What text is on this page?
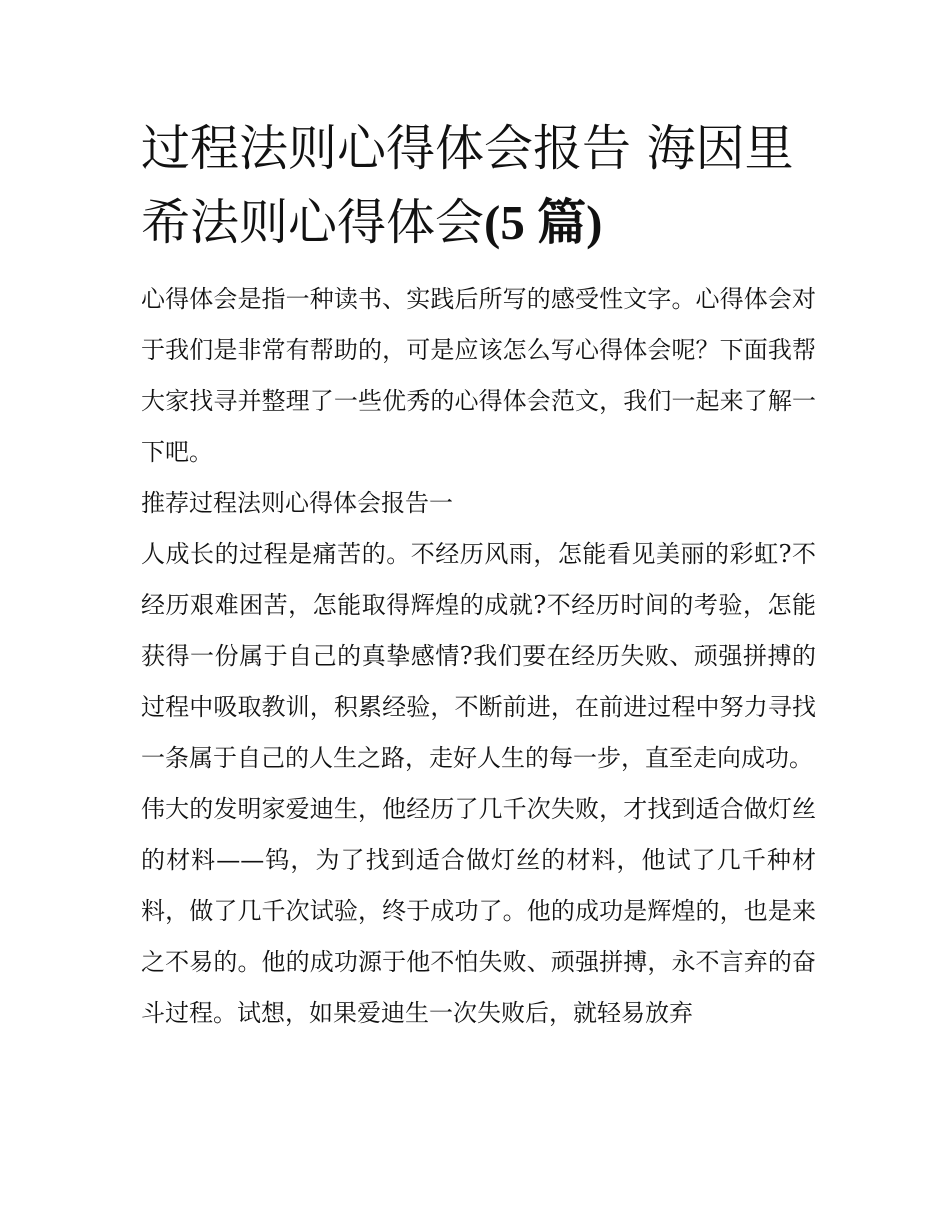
过程法则心得体会报告 海因里希法则心得体会(5 篇)

心得体会是指一种读书、实践后所写的感受性文字。心得体会对于我们是非常有帮助的，可是应该怎么写心得体会呢？下面我帮大家找寻并整理了一些优秀的心得体会范文，我们一起来了解一下吧。

推荐过程法则心得体会报告一

人成长的过程是痛苦的。不经历风雨，怎能看见美丽的彩虹?不经历艰难困苦，怎能取得辉煌的成就?不经历时间的考验，怎能获得一份属于自己的真挚感情?我们要在经历失败、顽强拼搏的过程中吸取教训，积累经验，不断前进，在前进过程中努力寻找一条属于自己的人生之路，走好人生的每一步，直至走向成功。

伟大的发明家爱迪生，他经历了几千次失败，才找到适合做灯丝的材料——钨，为了找到适合做灯丝的材料，他试了几千种材料，做了几千次试验，终于成功了。他的成功是辉煌的，也是来之不易的。他的成功源于他不怕失败、顽强拼搏，永不言弃的奋斗过程。试想，如果爱迪生一次失败后，就轻易放弃
